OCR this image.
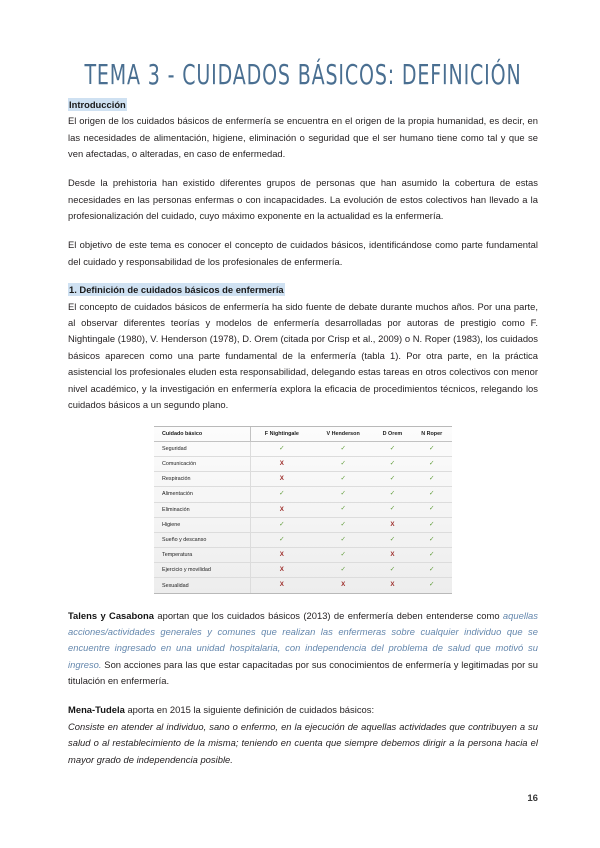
TEMA 3 - CUIDADOS BÁSICOS: DEFINICIÓN
Introducción

El origen de los cuidados básicos de enfermería se encuentra en el origen de la propia humanidad, es decir, en las necesidades de alimentación, higiene, eliminación o seguridad que el ser humano tiene como tal y que se ven afectadas, o alteradas, en caso de enfermedad.

Desde la prehistoria han existido diferentes grupos de personas que han asumido la cobertura de estas necesidades en las personas enfermas o con incapacidades. La evolución de estos colectivos han llevado a la profesionalización del cuidado, cuyo máximo exponente en la actualidad es la enfermería.

El objetivo de este tema es conocer el concepto de cuidados básicos, identificándose como parte fundamental del cuidado y responsabilidad de los profesionales de enfermería.

1. Definición de cuidados básicos de enfermería

El concepto de cuidados básicos de enfermería ha sido fuente de debate durante muchos años. Por una parte, al observar diferentes teorías y modelos de enfermería desarrolladas por autoras de prestigio como F. Nightingale (1980), V. Henderson (1978), D. Orem (citada por Crisp et al., 2009) o N. Roper (1983), los cuidados básicos aparecen como una parte fundamental de la enfermería (tabla 1). Por otra parte, en la práctica asistencial los profesionales eluden esta responsabilidad, delegando estas tareas en otros colectivos con menor nivel académico, y la investigación en enfermería explora la eficacia de procedimientos técnicos, relegando los cuidados básicos a un segundo plano.

Cuidado básico	F Nightingale	V Henderson	D Orem	N Roper
Seguridad	✓	✓	✓	✓
Comunicación	X	✓	✓	✓
Respiración	X	✓	✓	✓
Alimentación	✓	✓	✓	✓
Eliminación	X	✓	✓	✓
Higiene	✓	✓	X	✓
Sueño y descanso	✓	✓	✓	✓
Temperatura	X	✓	X	✓
Ejercicio y movilidad	X	✓	✓	✓
Sexualidad	X	X	X	✓

Talens y Casabona aportan que los cuidados básicos (2013) de enfermería deben entenderse como aquellas acciones/actividades generales y comunes que realizan las enfermeras sobre cualquier individuo que se encuentre ingresado en una unidad hospitalaria, con independencia del problema de salud que motivó su ingreso. Son acciones para las que estar capacitadas por sus conocimientos de enfermería y legitimadas por su titulación en enfermería.

Mena-Tudela aporta en 2015 la siguiente definición de cuidados básicos:

Consiste en atender al individuo, sano o enfermo, en la ejecución de aquellas actividades que contribuyen a su salud o al restablecimiento de la misma; teniendo en cuenta que siempre debemos dirigir a la persona hacia el mayor grado de independencia posible.

16
